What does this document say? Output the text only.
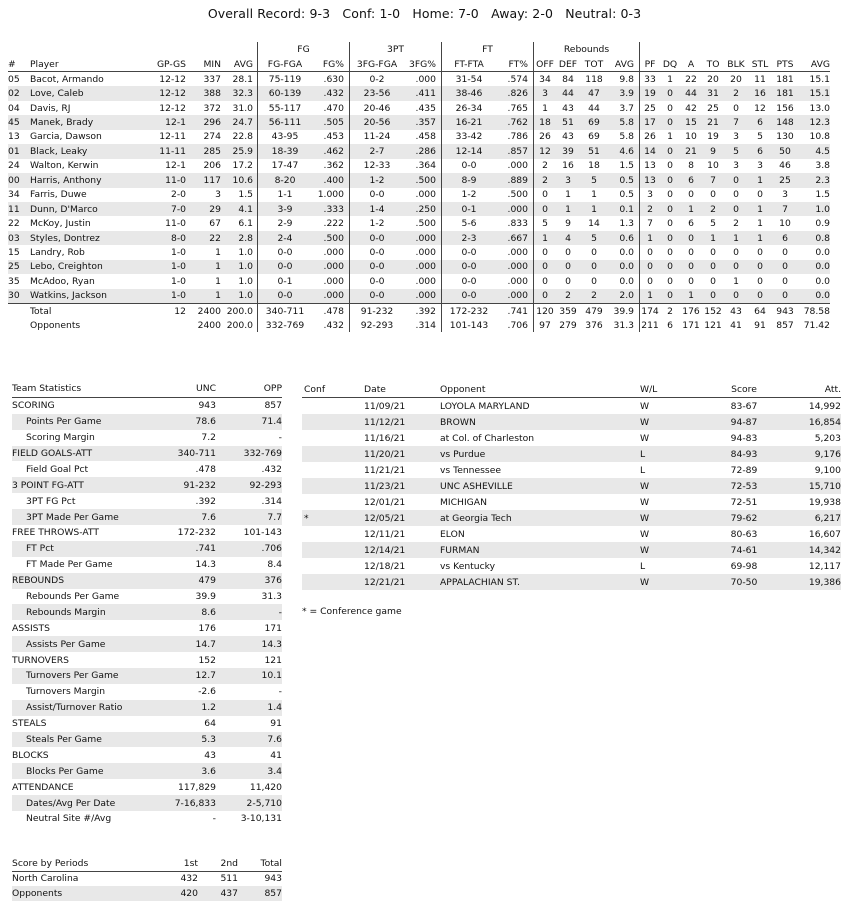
Overall Record: 9-3 Conf: 1-0 Home: 7-0 Away: 2-0 Neutral: 0-3
					FG		3PT		FT		Rebounds											
#	Player	GP-GS	MIN	AVG	FG-FGA	FG%	3FG-FGA	3FG%	FT-FTA	FT%	OFF	DEF	TOT	AVG	PF	DQ	A	TO	BLK	STL	PTS	AVG
05	Bacot, Armando	12-12	337	28.1	75-119	.630	0-2	.000	31-54	.574	34	84	118	9.8	33	1	22	20	20	11	181	15.1
02	Love, Caleb	12-12	388	32.3	60-139	.432	23-56	.411	38-46	.826	3	44	47	3.9	19	0	44	31	2	16	181	15.1
04	Davis, RJ	12-12	372	31.0	55-117	.470	20-46	.435	26-34	.765	1	43	44	3.7	25	0	42	25	0	12	156	13.0
45	Manek, Brady	12-1	296	24.7	56-111	.505	20-56	.357	16-21	.762	18	51	69	5.8	17	0	15	21	7	6	148	12.3
13	Garcia, Dawson	12-11	274	22.8	43-95	.453	11-24	.458	33-42	.786	26	43	69	5.8	26	1	10	19	3	5	130	10.8
01	Black, Leaky	11-11	285	25.9	18-39	.462	2-7	.286	12-14	.857	12	39	51	4.6	14	0	21	9	5	6	50	4.5
24	Walton, Kerwin	12-1	206	17.2	17-47	.362	12-33	.364	0-0	.000	2	16	18	1.5	13	0	8	10	3	3	46	3.8
00	Harris, Anthony	11-0	117	10.6	8-20	.400	1-2	.500	8-9	.889	2	3	5	0.5	13	0	6	7	0	1	25	2.3
34	Farris, Duwe	2-0	3	1.5	1-1	1.000	0-0	.000	1-2	.500	0	1	1	0.5	3	0	0	0	0	0	3	1.5
11	Dunn, D'Marco	7-0	29	4.1	3-9	.333	1-4	.250	0-1	.000	0	1	1	0.1	2	0	1	2	0	1	7	1.0
22	McKoy, Justin	11-0	67	6.1	2-9	.222	1-2	.500	5-6	.833	5	9	14	1.3	7	0	6	5	2	1	10	0.9
03	Styles, Dontrez	8-0	22	2.8	2-4	.500	0-0	.000	2-3	.667	1	4	5	0.6	1	0	0	1	1	1	6	0.8
15	Landry, Rob	1-0	1	1.0	0-0	.000	0-0	.000	0-0	.000	0	0	0	0.0	0	0	0	0	0	0	0	0.0
25	Lebo, Creighton	1-0	1	1.0	0-0	.000	0-0	.000	0-0	.000	0	0	0	0.0	0	0	0	0	0	0	0	0.0
35	McAdoo, Ryan	1-0	1	1.0	0-1	.000	0-0	.000	0-0	.000	0	0	0	0.0	0	0	0	0	1	0	0	0.0
30	Watkins, Jackson	1-0	1	1.0	0-0	.000	0-0	.000	0-0	.000	0	2	2	2.0	1	0	1	0	0	0	0	0.0
	Total	12	2400	200.0	340-711	.478	91-232	.392	172-232	.741	120	359	479	39.9	174	2	176	152	43	64	943	78.58
	Opponents		2400	200.0	332-769	.432	92-293	.314	101-143	.706	97	279	376	31.3	211	6	171	121	41	91	857	71.42
Team Statistics	UNC	OPP
SCORING	943	857
Points Per Game	78.6	71.4
Scoring Margin	7.2	-
FIELD GOALS-ATT	340-711	332-769
Field Goal Pct	.478	.432
3 POINT FG-ATT	91-232	92-293
3PT FG Pct	.392	.314
3PT Made Per Game	7.6	7.7
FREE THROWS-ATT	172-232	101-143
FT Pct	.741	.706
FT Made Per Game	14.3	8.4
REBOUNDS	479	376
Rebounds Per Game	39.9	31.3
Rebounds Margin	8.6	-
ASSISTS	176	171
Assists Per Game	14.7	14.3
TURNOVERS	152	121
Turnovers Per Game	12.7	10.1
Turnovers Margin	-2.6	-
Assist/Turnover Ratio	1.2	1.4
STEALS	64	91
Steals Per Game	5.3	7.6
BLOCKS	43	41
Blocks Per Game	3.6	3.4
ATTENDANCE	117,829	11,420
Dates/Avg Per Date	7-16,833	2-5,710
Neutral Site #/Avg	-	3-10,131
Conf	Date	Opponent	W/L	Score	Att.
	11/09/21	LOYOLA MARYLAND	W	83-67	14,992
	11/12/21	BROWN	W	94-87	16,854
	11/16/21	at Col. of Charleston	W	94-83	5,203
	11/20/21	vs Purdue	L	84-93	9,176
	11/21/21	vs Tennessee	L	72-89	9,100
	11/23/21	UNC ASHEVILLE	W	72-53	15,710
	12/01/21	MICHIGAN	W	72-51	19,938
*	12/05/21	at Georgia Tech	W	79-62	6,217
	12/11/21	ELON	W	80-63	16,607
	12/14/21	FURMAN	W	74-61	14,342
	12/18/21	vs Kentucky	L	69-98	12,117
	12/21/21	APPALACHIAN ST.	W	70-50	19,386
* = Conference game
Score by Periods	1st	2nd	Total
North Carolina	432	511	943
Opponents	420	437	857
